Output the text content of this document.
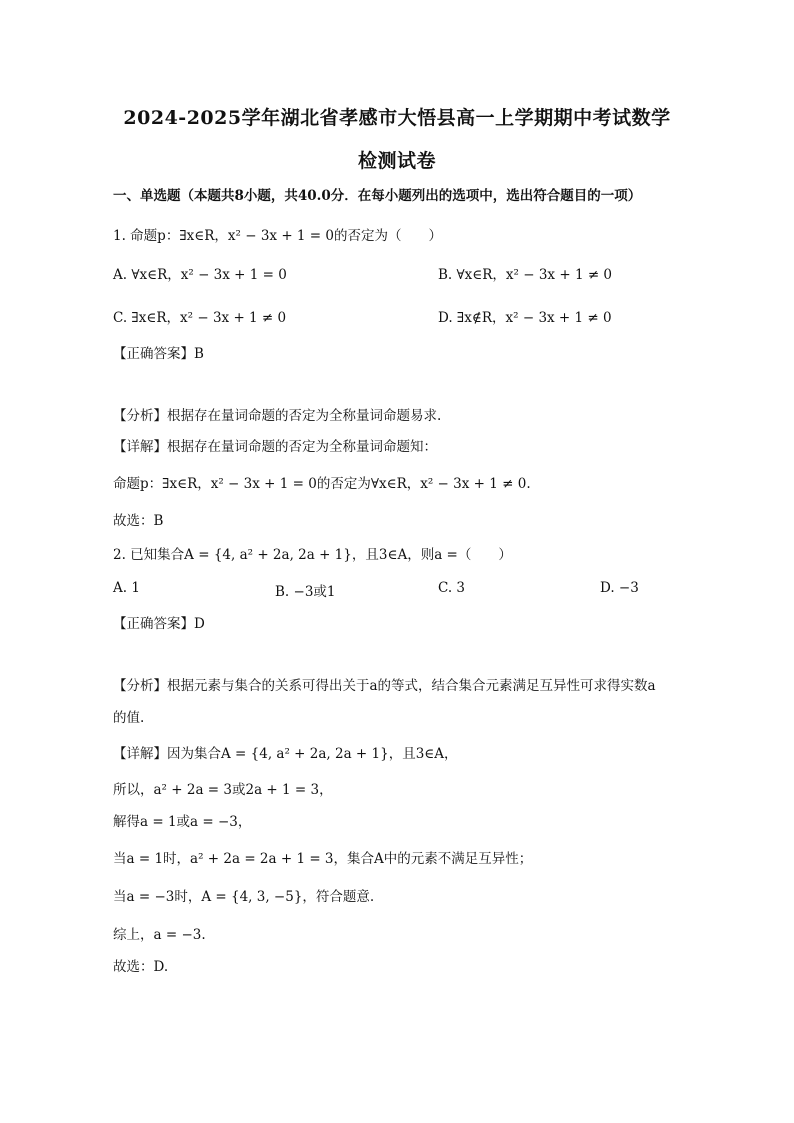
2024-2025学年湖北省孝感市大悟县高一上学期期中考试数学
检测试卷
一、单选题（本题共8小题，共40.0分．在每小题列出的选项中，选出符合题目的一项）
1. 命题p：∃x∈R，x² − 3x + 1 = 0的否定为（　　）
A. ∀x∈R，x² − 3x + 1 = 0	B. ∀x∈R，x² − 3x + 1 ≠ 0
C. ∃x∈R，x² − 3x + 1 ≠ 0	D. ∃x∉R，x² − 3x + 1 ≠ 0
【正确答案】B
【分析】根据存在量词命题的否定为全称量词命题易求.
【详解】根据存在量词命题的否定为全称量词命题知：
命题p：∃x∈R，x² − 3x + 1 = 0的否定为∀x∈R，x² − 3x + 1 ≠ 0.
故选：B
2. 已知集合A = {4, a² + 2a, 2a + 1}，且3∈A，则a =（　　）
A. 1	B. −3或1	C. 3	D. −3
【正确答案】D
【分析】根据元素与集合的关系可得出关于a的等式，结合集合元素满足互异性可求得实数a
的值.
【详解】因为集合A = {4, a² + 2a, 2a + 1}，且3∈A，
所以，a² + 2a = 3或2a + 1 = 3，
解得a = 1或a = −3，
当a = 1时，a² + 2a = 2a + 1 = 3，集合A中的元素不满足互异性；
当a = −3时，A = {4, 3, −5}，符合题意.
综上，a = −3.
故选：D.
